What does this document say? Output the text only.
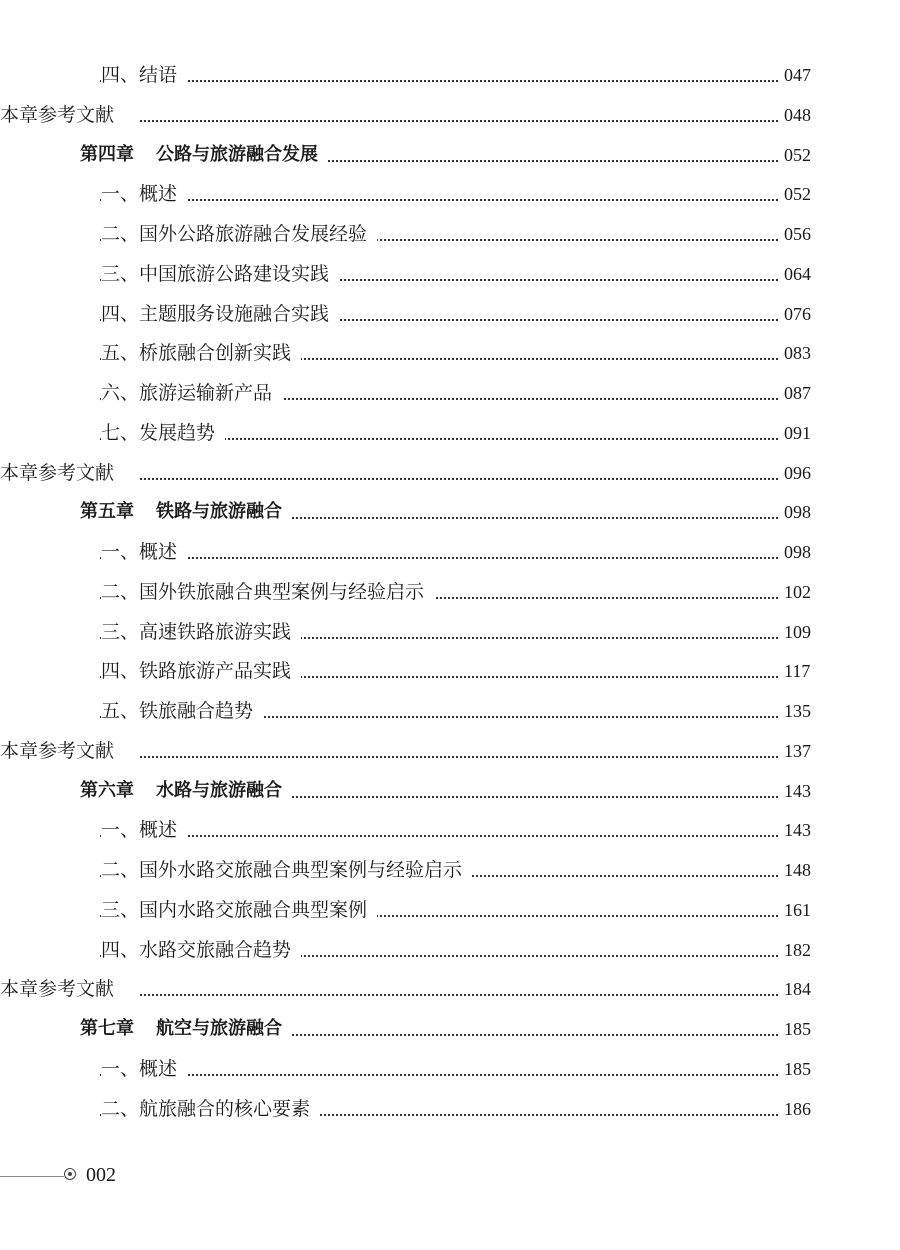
四、结语	047
本章参考文献	048
第四章 公路与旅游融合发展	052
一、概述	052
二、国外公路旅游融合发展经验	056
三、中国旅游公路建设实践	064
四、主题服务设施融合实践	076
五、桥旅融合创新实践	083
六、旅游运输新产品	087
七、发展趋势	091
本章参考文献	096
第五章 铁路与旅游融合	098
一、概述	098
二、国外铁旅融合典型案例与经验启示	102
三、高速铁路旅游实践	109
四、铁路旅游产品实践	117
五、铁旅融合趋势	135
本章参考文献	137
第六章 水路与旅游融合	143
一、概述	143
二、国外水路交旅融合典型案例与经验启示	148
三、国内水路交旅融合典型案例	161
四、水路交旅融合趋势	182
本章参考文献	184
第七章 航空与旅游融合	185
一、概述	185
二、航旅融合的核心要素	186
002
